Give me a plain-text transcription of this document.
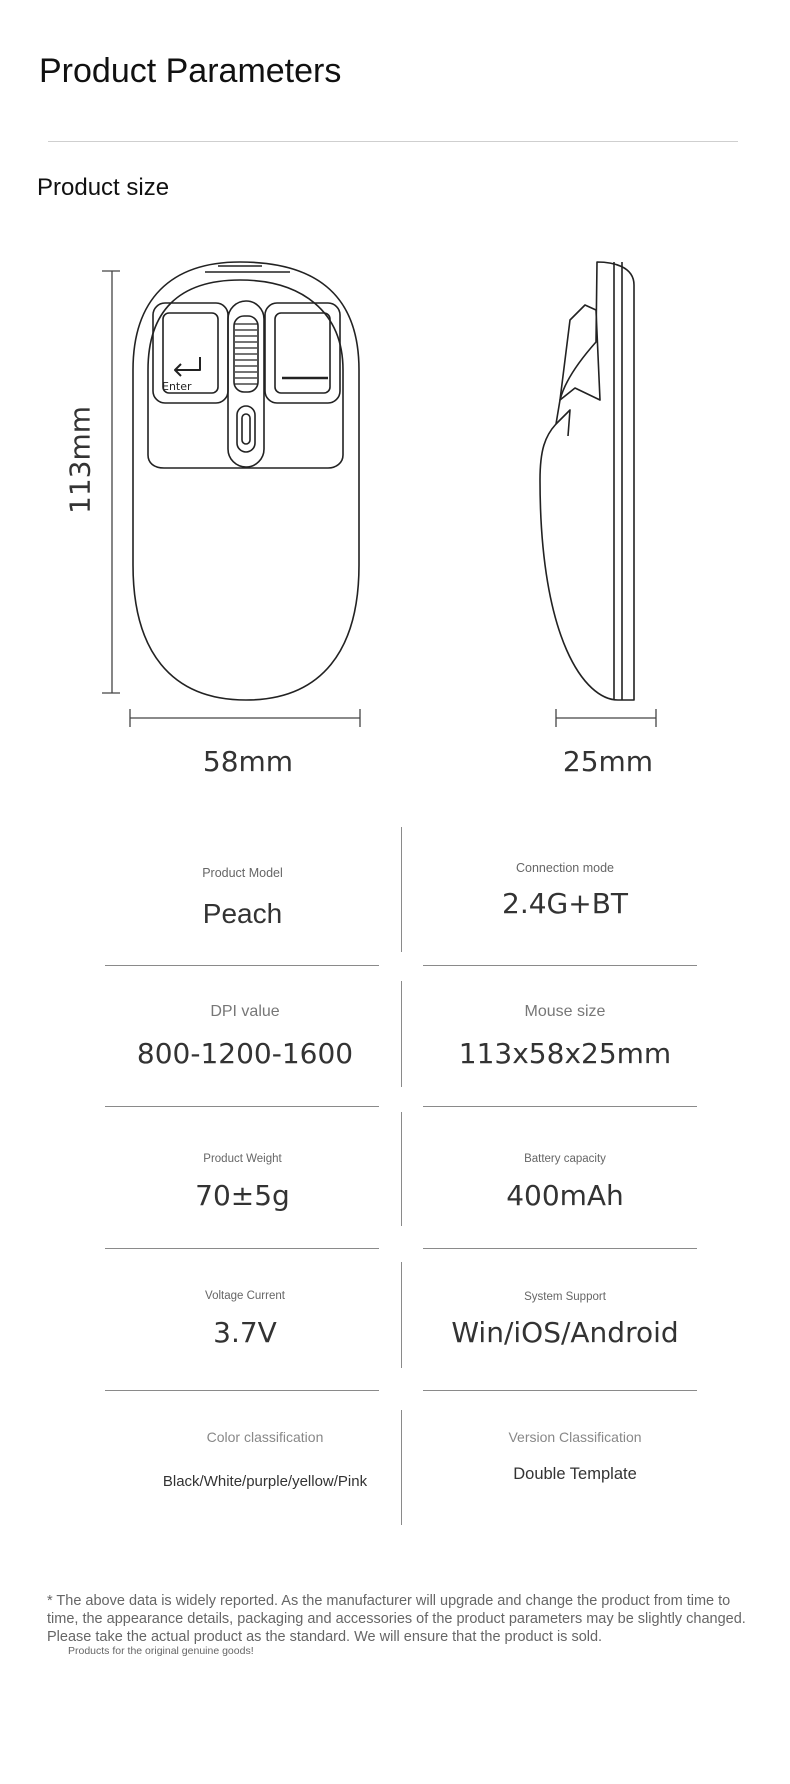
Product Parameters
Product size
Enter
113mm
58mm	25mm
Product Model
Peach
Connection mode
2.4G+BT
DPI value
800-1200-1600
Mouse size
113x58x25mm
Product Weight
70±5g
Battery capacity
400mAh
Voltage Current
3.7V
System Support
Win/iOS/Android
Color classification
Black/White/purple/yellow/Pink
Version Classification
Double Template
* The above data is widely reported. As the manufacturer will upgrade and change the product from time to time, the appearance details, packaging and accessories of the product parameters may be slightly changed. Please take the actual product as the standard. We will ensure that the product is sold.
Products for the original genuine goods!
